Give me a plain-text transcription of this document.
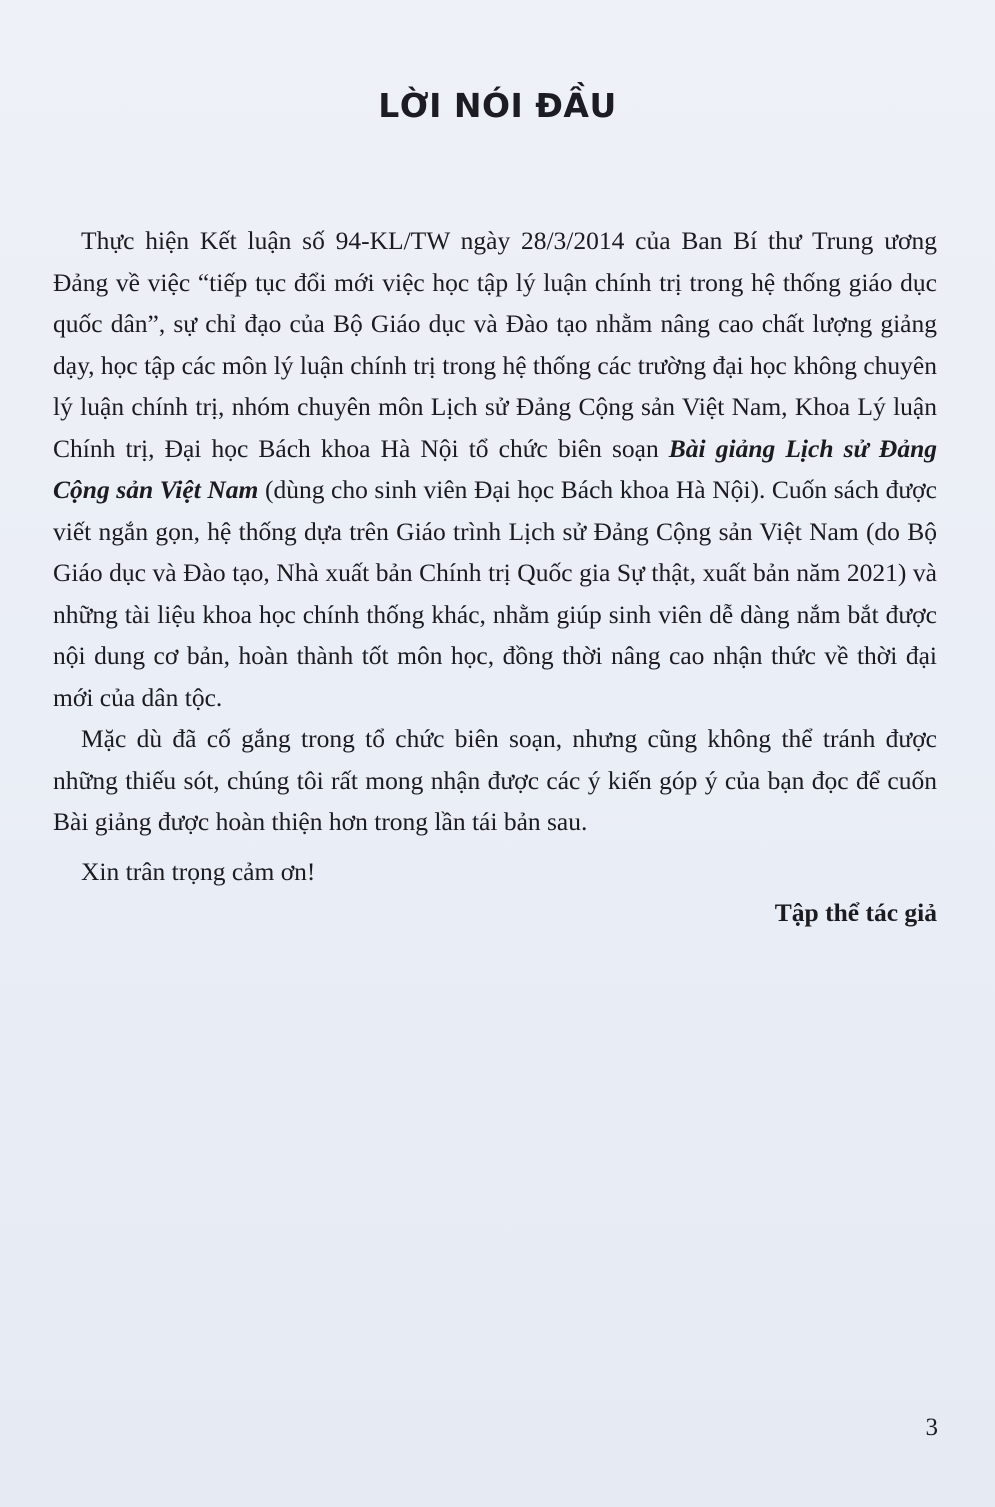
LỜI NÓI ĐẦU

Thực hiện Kết luận số 94-KL/TW ngày 28/3/2014 của Ban Bí thư Trung ương Đảng về việc “tiếp tục đổi mới việc học tập lý luận chính trị trong hệ thống giáo dục quốc dân”, sự chỉ đạo của Bộ Giáo dục và Đào tạo nhằm nâng cao chất lượng giảng dạy, học tập các môn lý luận chính trị trong hệ thống các trường đại học không chuyên lý luận chính trị, nhóm chuyên môn Lịch sử Đảng Cộng sản Việt Nam, Khoa Lý luận Chính trị, Đại học Bách khoa Hà Nội tổ chức biên soạn Bài giảng Lịch sử Đảng Cộng sản Việt Nam (dùng cho sinh viên Đại học Bách khoa Hà Nội). Cuốn sách được viết ngắn gọn, hệ thống dựa trên Giáo trình Lịch sử Đảng Cộng sản Việt Nam (do Bộ Giáo dục và Đào tạo, Nhà xuất bản Chính trị Quốc gia Sự thật, xuất bản năm 2021) và những tài liệu khoa học chính thống khác, nhằm giúp sinh viên dễ dàng nắm bắt được nội dung cơ bản, hoàn thành tốt môn học, đồng thời nâng cao nhận thức về thời đại mới của dân tộc.

Mặc dù đã cố gắng trong tổ chức biên soạn, nhưng cũng không thể tránh được những thiếu sót, chúng tôi rất mong nhận được các ý kiến góp ý của bạn đọc để cuốn Bài giảng được hoàn thiện hơn trong lần tái bản sau.

Xin trân trọng cảm ơn!

Tập thể tác giả

3
